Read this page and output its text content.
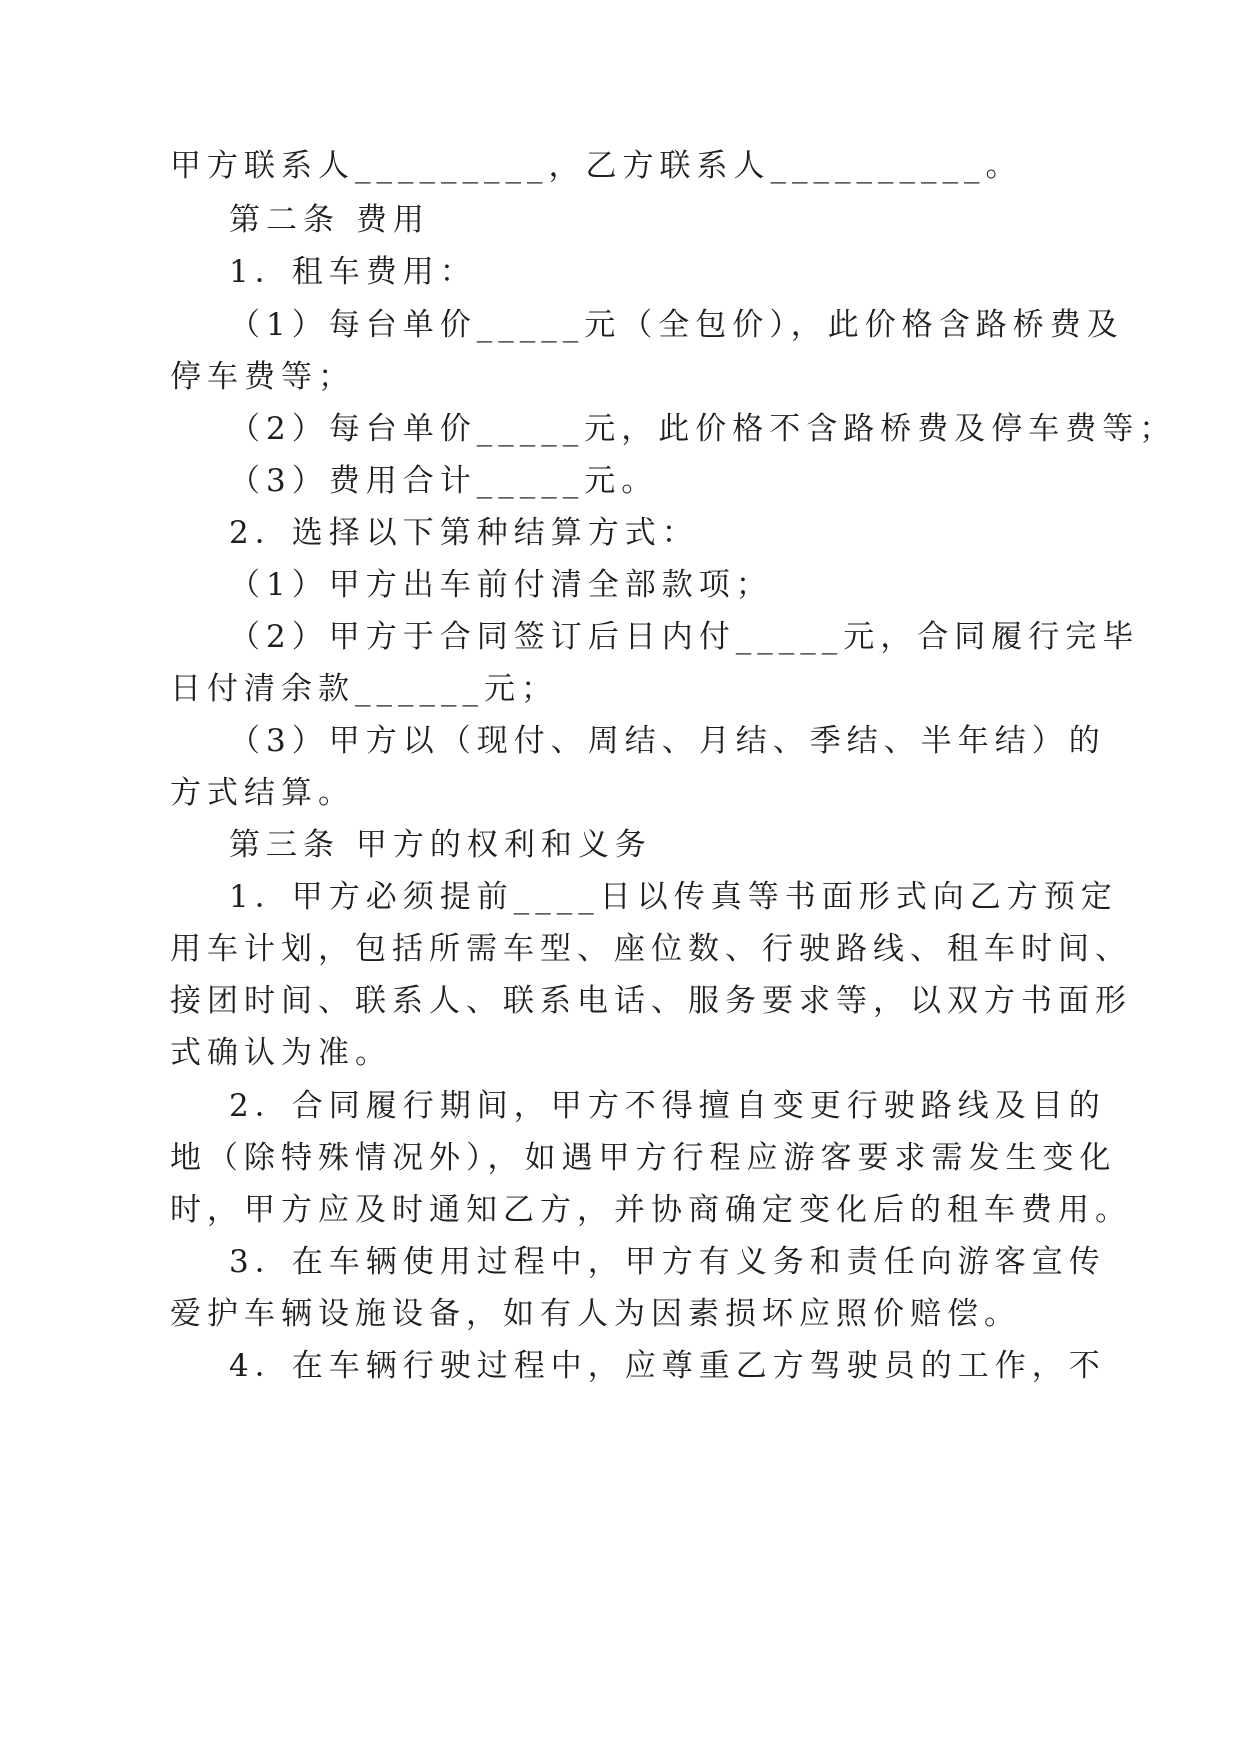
甲方联系人_________，乙方联系人__________。
第二条 费用
1．租车费用：
（1）每台单价_____元（全包价），此价格含路桥费及
停车费等；
（2）每台单价_____元，此价格不含路桥费及停车费等；
（3）费用合计_____元。
2．选择以下第种结算方式：
（1）甲方出车前付清全部款项；
（2）甲方于合同签订后日内付_____元，合同履行完毕
日付清余款______元；
（3）甲方以（现付、周结、月结、季结、半年结）的
方式结算。
第三条 甲方的权利和义务
1．甲方必须提前____日以传真等书面形式向乙方预定
用车计划，包括所需车型、座位数、行驶路线、租车时间、
接团时间、联系人、联系电话、服务要求等，以双方书面形
式确认为准。
2．合同履行期间，甲方不得擅自变更行驶路线及目的
地（除特殊情况外），如遇甲方行程应游客要求需发生变化
时，甲方应及时通知乙方，并协商确定变化后的租车费用。
3．在车辆使用过程中，甲方有义务和责任向游客宣传
爱护车辆设施设备，如有人为因素损坏应照价赔偿。
4．在车辆行驶过程中，应尊重乙方驾驶员的工作，不
